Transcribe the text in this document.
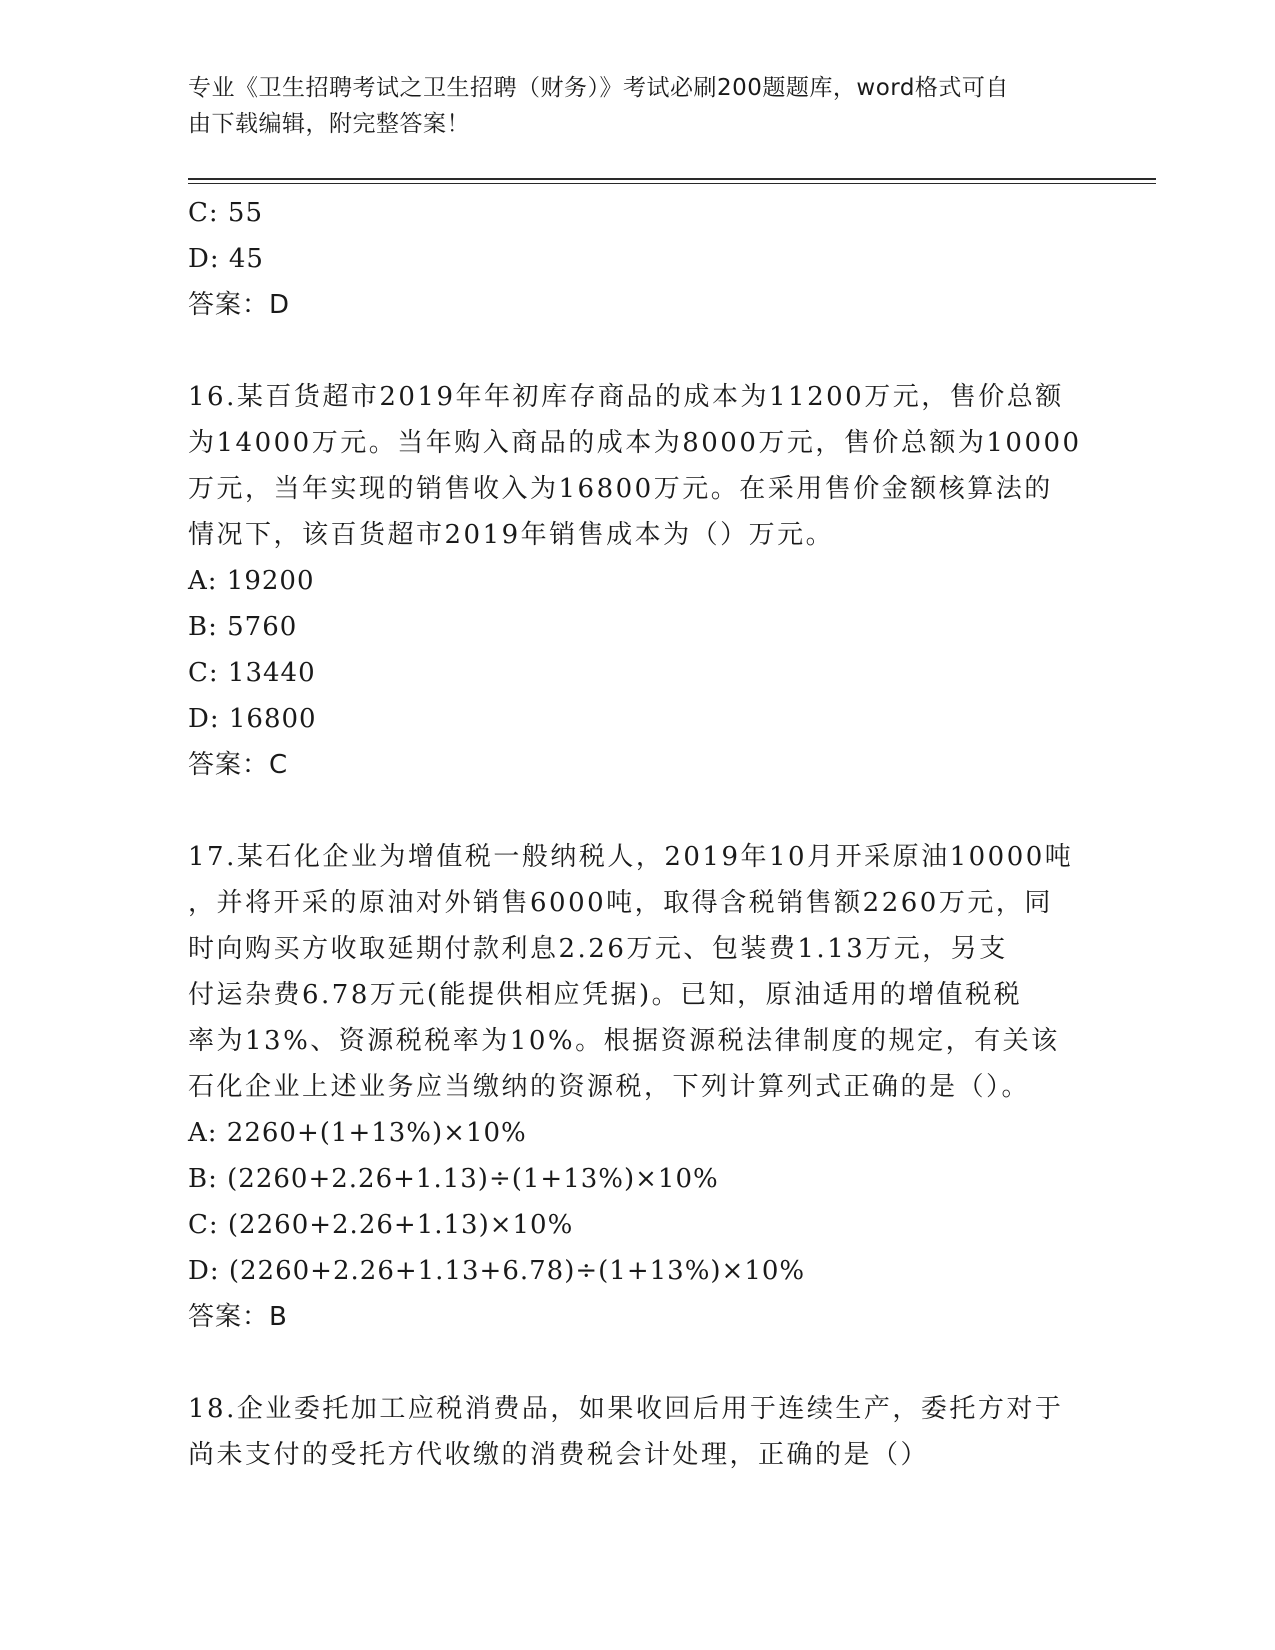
专业《卫生招聘考试之卫生招聘（财务）》考试必刷200题题库，word格式可自
由下载编辑，附完整答案！
C: 55
D: 45
答案：D
16.某百货超市2019年年初库存商品的成本为11200万元，售价总额
为14000万元。当年购入商品的成本为8000万元，售价总额为10000
万元，当年实现的销售收入为16800万元。在采用售价金额核算法的
情况下，该百货超市2019年销售成本为（）万元。
A: 19200
B: 5760
C: 13440
D: 16800
答案：C
17.某石化企业为增值税一般纳税人，2019年10月开采原油10000吨
，并将开采的原油对外销售6000吨，取得含税销售额2260万元，同
时向购买方收取延期付款利息2.26万元、包装费1.13万元，另支
付运杂费6.78万元(能提供相应凭据)。已知，原油适用的增值税税
率为13%、资源税税率为10%。根据资源税法律制度的规定，有关该
石化企业上述业务应当缴纳的资源税，下列计算列式正确的是（）。
A: 2260+(1+13%)×10%
B: (2260+2.26+1.13)÷(1+13%)×10%
C: (2260+2.26+1.13)×10%
D: (2260+2.26+1.13+6.78)÷(1+13%)×10%
答案：B
18.企业委托加工应税消费品，如果收回后用于连续生产，委托方对于
尚未支付的受托方代收缴的消费税会计处理，正确的是（）
